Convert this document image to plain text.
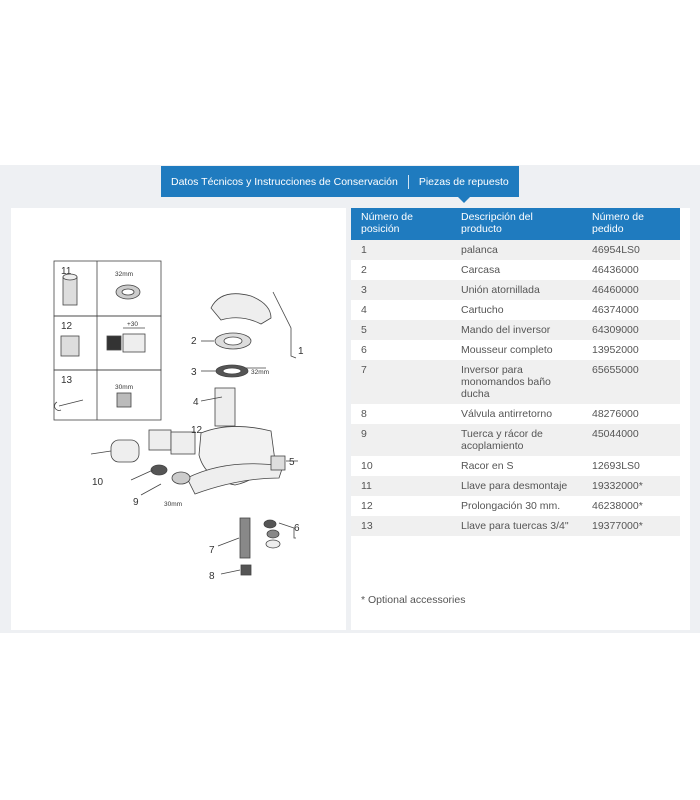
Datos Técnicos y Instrucciones de Conservación	Piezas de repuesto
11	32mm
12	+30
13
30mm
1
2
3	32mm
4
5
6
7
8
9	30mm
10
12
Número de posición	Descripción del producto	Número de pedido
1	palanca	46954LS0
2	Carcasa	46436000
3	Unión atornillada	46460000
4	Cartucho	46374000
5	Mando del inversor	64309000
6	Mousseur completo	13952000
7	Inversor para monomandos baño ducha	65655000
8	Válvula antirretorno	48276000
9	Tuerca y rácor de acoplamiento	45044000
10	Racor en S	12693LS0
11	Llave para desmontaje	19332000*
12	Prolongación 30 mm.	46238000*
13	Llave para tuercas 3/4"	19377000*
* Optional accessories
